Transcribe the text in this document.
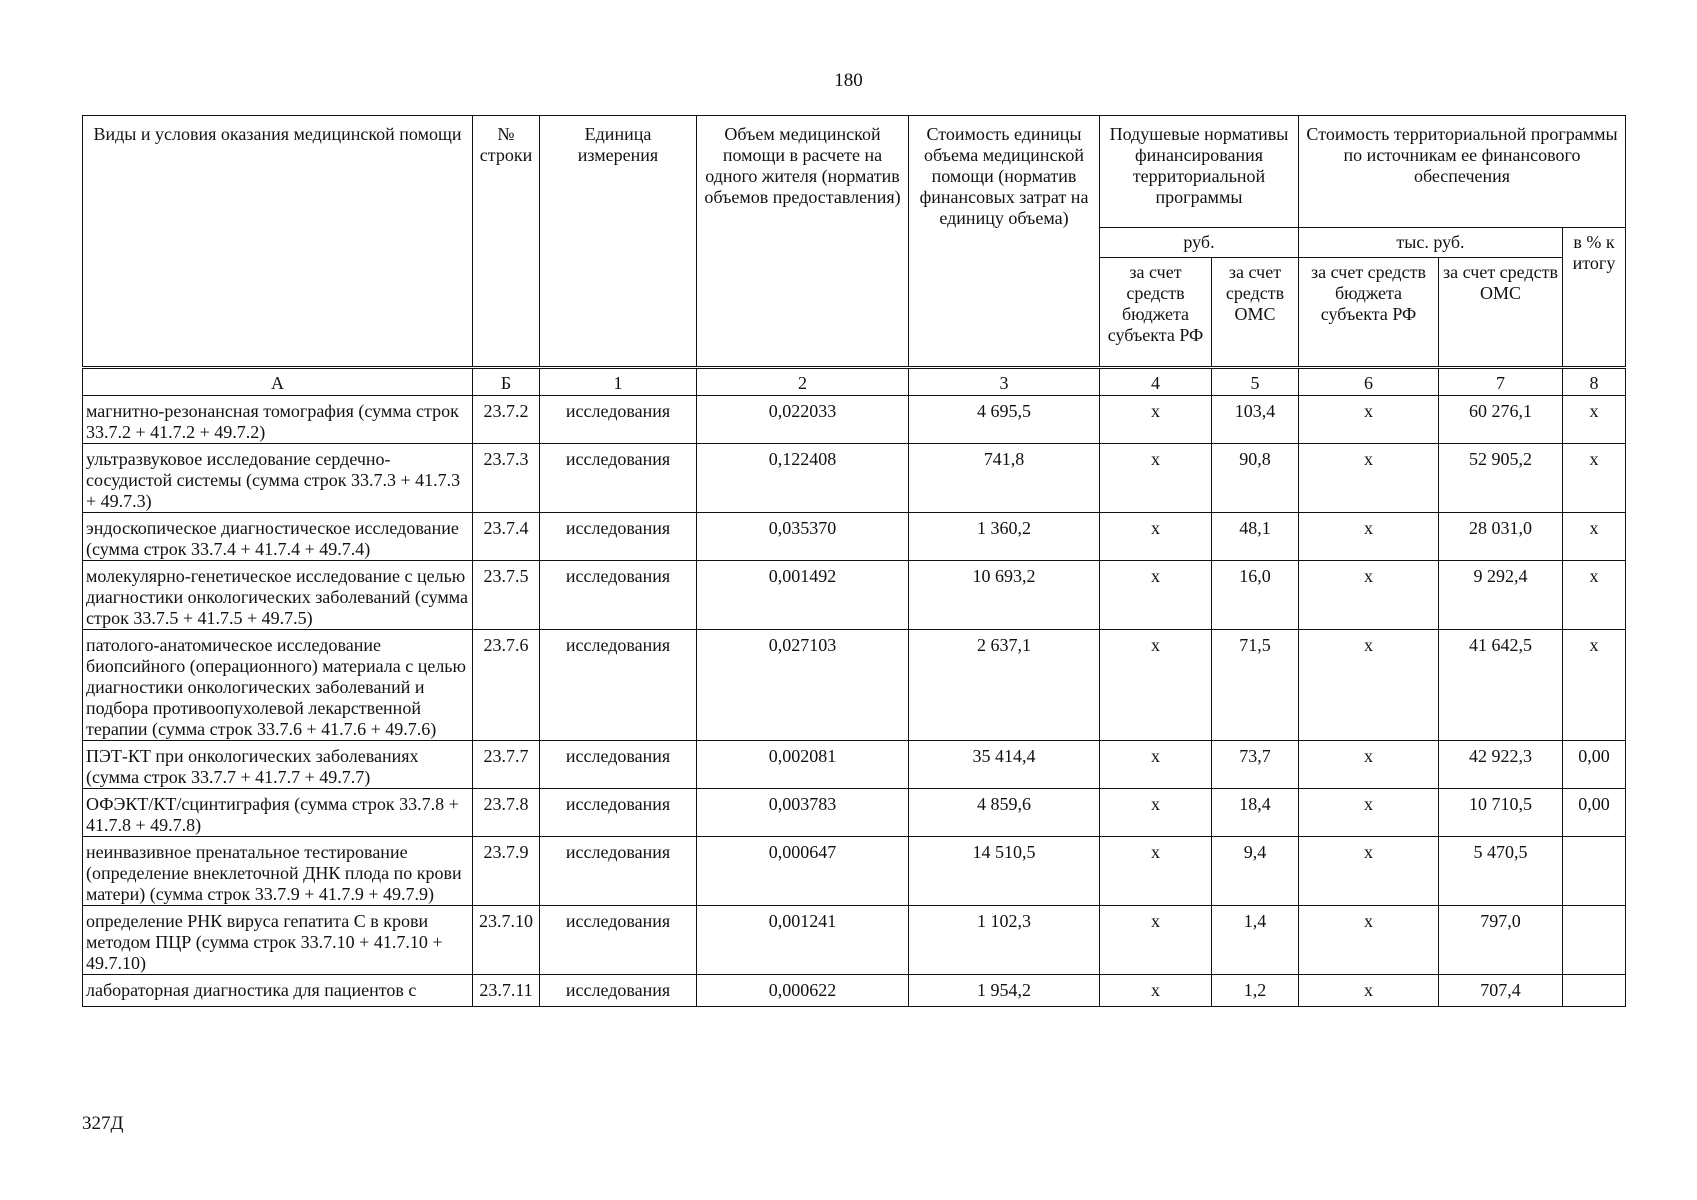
180
Виды и условия оказания медицинской помощи	№ строки	Единица измерения	Объем медицинской помощи в расчете на одного жителя (норматив объемов предоставления)	Стоимость единицы объема медицинской помощи (норматив финансовых затрат на единицу объема)	Подушевые нормативы финансирования территориальной программы		Стоимость территориальной программы по источникам ее финансового обеспечения		
					руб.		тыс. руб.		в % к итогу
					за счет средств бюджета субъекта РФ	за счет средств ОМС	за счет средств бюджета субъекта РФ	за счет средств ОМС	
А	Б	1	2	3	4	5	6	7	8
магнитно-резонансная томография (сумма строк 33.7.2 + 41.7.2 + 49.7.2)	23.7.2	исследования	0,022033	4 695,5	х	103,4	х	60 276,1	х
ультразвуковое исследование сердечно-сосудистой системы (сумма строк 33.7.3 + 41.7.3 + 49.7.3)	23.7.3	исследования	0,122408	741,8	х	90,8	х	52 905,2	х
эндоскопическое диагностическое исследование (сумма строк 33.7.4 + 41.7.4 + 49.7.4)	23.7.4	исследования	0,035370	1 360,2	х	48,1	х	28 031,0	х
молекулярно-генетическое исследование с целью диагностики онкологических заболеваний (сумма строк 33.7.5 + 41.7.5 + 49.7.5)	23.7.5	исследования	0,001492	10 693,2	х	16,0	х	9 292,4	х
патолого-анатомическое исследование биопсийного (операционного) материала с целью диагностики онкологических заболеваний и подбора противоопухолевой лекарственной терапии (сумма строк 33.7.6 + 41.7.6 + 49.7.6)	23.7.6	исследования	0,027103	2 637,1	х	71,5	х	41 642,5	х
ПЭТ-КТ при онкологических заболеваниях (сумма строк 33.7.7 + 41.7.7 + 49.7.7)	23.7.7	исследования	0,002081	35 414,4	х	73,7	х	42 922,3	0,00
ОФЭКТ/КТ/сцинтиграфия (сумма строк 33.7.8 + 41.7.8 + 49.7.8)	23.7.8	исследования	0,003783	4 859,6	х	18,4	х	10 710,5	0,00
неинвазивное пренатальное тестирование (определение внеклеточной ДНК плода по крови матери) (сумма строк 33.7.9 + 41.7.9 + 49.7.9)	23.7.9	исследования	0,000647	14 510,5	х	9,4	х	5 470,5	
определение РНК вируса гепатита С в крови методом ПЦР (сумма строк 33.7.10 + 41.7.10 + 49.7.10)	23.7.10	исследования	0,001241	1 102,3	х	1,4	х	797,0	
лабораторная диагностика для пациентов с	23.7.11	исследования	0,000622	1 954,2	х	1,2	х	707,4	
327Д
